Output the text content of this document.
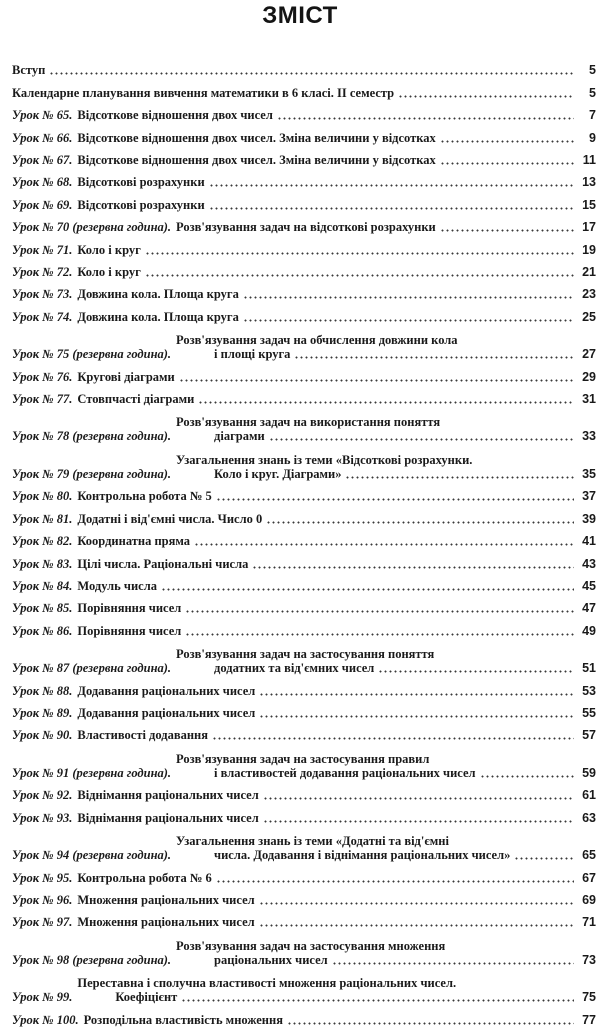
ЗМІСТ
Вступ	5
Календарне планування вивчення математики в 6 класі. II семестр	5
Урок № 65. Відсоткове відношення двох чисел	7
Урок № 66. Відсоткове відношення двох чисел. Зміна величини у відсотках	9
Урок № 67. Відсоткове відношення двох чисел. Зміна величини у відсотках	11
Урок № 68. Відсоткові розрахунки	13
Урок № 69. Відсоткові розрахунки	15
Урок № 70 (резервна година). Розв'язування задач на відсоткові розрахунки	17
Урок № 71. Коло і круг	19
Урок № 72. Коло і круг	21
Урок № 73. Довжина кола. Площа круга	23
Урок № 74. Довжина кола. Площа круга	25
Урок № 75 (резервна година).
Розв'язування задач на обчислення довжини кола
і площі круга	27
Урок № 76. Кругові діаграми	29
Урок № 77. Стовпчасті діаграми	31
Урок № 78 (резервна година).
Розв'язування задач на використання поняття
діаграми	33
Урок № 79 (резервна година).
Узагальнення знань із теми «Відсоткові розрахунки.
Коло і круг. Діаграми»	35
Урок № 80. Контрольна робота № 5	37
Урок № 81. Додатні і від'ємні числа. Число 0	39
Урок № 82. Координатна пряма	41
Урок № 83. Цілі числа. Раціональні числа	43
Урок № 84. Модуль числа	45
Урок № 85. Порівняння чисел	47
Урок № 86. Порівняння чисел	49
Урок № 87 (резервна година).
Розв'язування задач на застосування поняття
додатних та від'ємних чисел	51
Урок № 88. Додавання раціональних чисел	53
Урок № 89. Додавання раціональних чисел	55
Урок № 90. Властивості додавання	57
Урок № 91 (резервна година).
Розв'язування задач на застосування правил
і властивостей додавання раціональних чисел	59
Урок № 92. Віднімання раціональних чисел	61
Урок № 93. Віднімання раціональних чисел	63
Урок № 94 (резервна година).
Узагальнення знань із теми «Додатні та від'ємні
числа. Додавання і віднімання раціональних чисел»	65
Урок № 95. Контрольна робота № 6	67
Урок № 96. Множення раціональних чисел	69
Урок № 97. Множення раціональних чисел	71
Урок № 98 (резервна година).
Розв'язування задач на застосування множення
раціональних чисел	73
Урок № 99.
Переставна і сполучна властивості множення раціональних чисел.
Коефіцієнт	75
Урок № 100. Розподільна властивість множення	77
